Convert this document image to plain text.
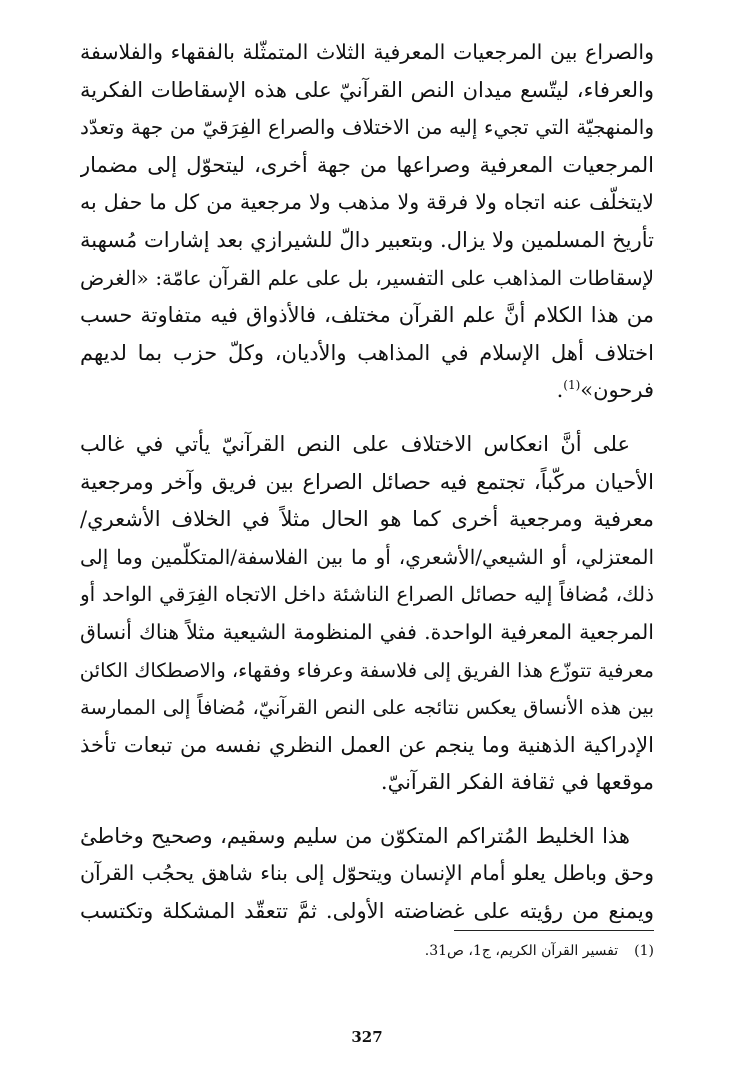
والصراع بين المرجعيات المعرفية الثلاث المتمثّلة بالفقهاء والفلاسفة
والعرفاء، ليتّسع ميدان النص القرآنيّ على هذه الإسقاطات الفكرية
والمنهجيّة التي تجيء إليه من الاختلاف والصراع الفِرَقيّ من جهة وتعدّد
المرجعيات المعرفية وصراعها من جهة أخرى، ليتحوّل إلى مضمار
لايتخلّف عنه اتجاه ولا فرقة ولا مذهب ولا مرجعية من كل ما حفل به
تأريخ المسلمين ولا يزال. وبتعبير دالّ للشيرازي بعد إشارات مُسهبة
لإسقاطات المذاهب على التفسير، بل على علم القرآن عامّة: «الغرض
من هذا الكلام أنَّ علم القرآن مختلف، فالأذواق فيه متفاوتة حسب
اختلاف أهل الإسلام في المذاهب والأديان، وكلّ حزب بما لديهم
فرحون»$^{(1)}$.
على أنَّ انعكاس الاختلاف على النص القرآنيّ يأتي في غالب
الأحيان مركّباً، تجتمع فيه حصائل الصراع بين فريق وآخر ومرجعية
معرفية ومرجعية أخرى كما هو الحال مثلاً في الخلاف الأشعري/
المعتزلي، أو الشيعي/الأشعري، أو ما بين الفلاسفة/المتكلّمين وما إلى
ذلك، مُضافاً إليه حصائل الصراع الناشئة داخل الاتجاه الفِرَقي الواحد أو
المرجعية المعرفية الواحدة. ففي المنظومة الشيعية مثلاً هناك أنساق
معرفية تتوزّع هذا الفريق إلى فلاسفة وعرفاء وفقهاء، والاصطكاك الكائن
بين هذه الأنساق يعكس نتائجه على النص القرآنيّ، مُضافاً إلى الممارسة
الإدراكية الذهنية وما ينجم عن العمل النظري نفسه من تبعات تأخذ
موقعها في ثقافة الفكر القرآنيّ.
هذا الخليط المُتراكم المتكوّن من سليم وسقيم، وصحيح وخاطئ
وحق وباطل يعلو أمام الإنسان ويتحوّل إلى بناء شاهق يحجُب القرآن
ويمنع من رؤيته على غضاضته الأولى. ثمَّ تتعقّد المشكلة وتكتسب
(1)تفسير القرآن الكريم، ج1، ص31.
327
